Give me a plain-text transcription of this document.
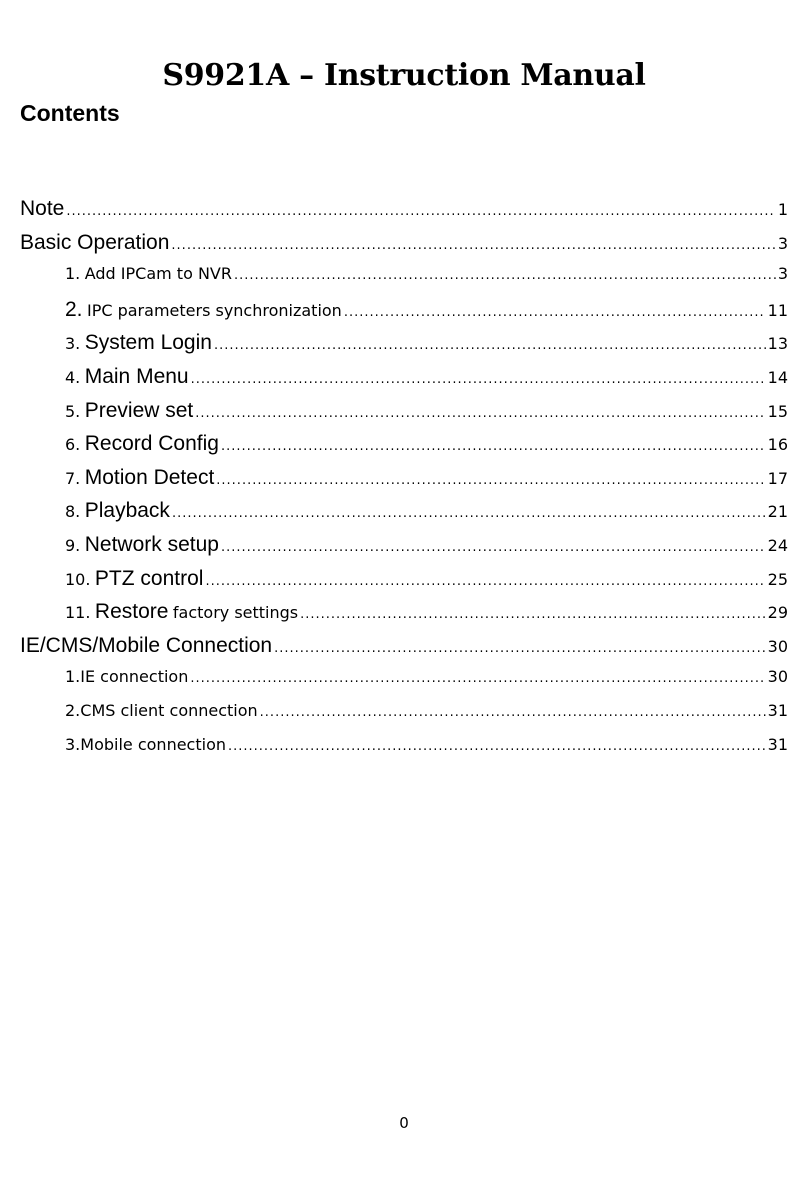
S9921A – Instruction Manual
Contents
Note .....	1
Basic Operation .....	3
1. Add IPCam to NVR .....	3
2. IPC parameters synchronization .....	11
3. System Login .....	13
4. Main Menu .....	14
5. Preview set .....	15
6. Record Config .....	16
7. Motion Detect .....	17
8. Playback .....	21
9. Network setup .....	24
10. PTZ control .....	25
11. Restore factory settings .....	29
IE/CMS/Mobile Connection .....	30
1.IE connection .....	30
2.CMS client connection .....	31
3.Mobile connection .....	31
0
